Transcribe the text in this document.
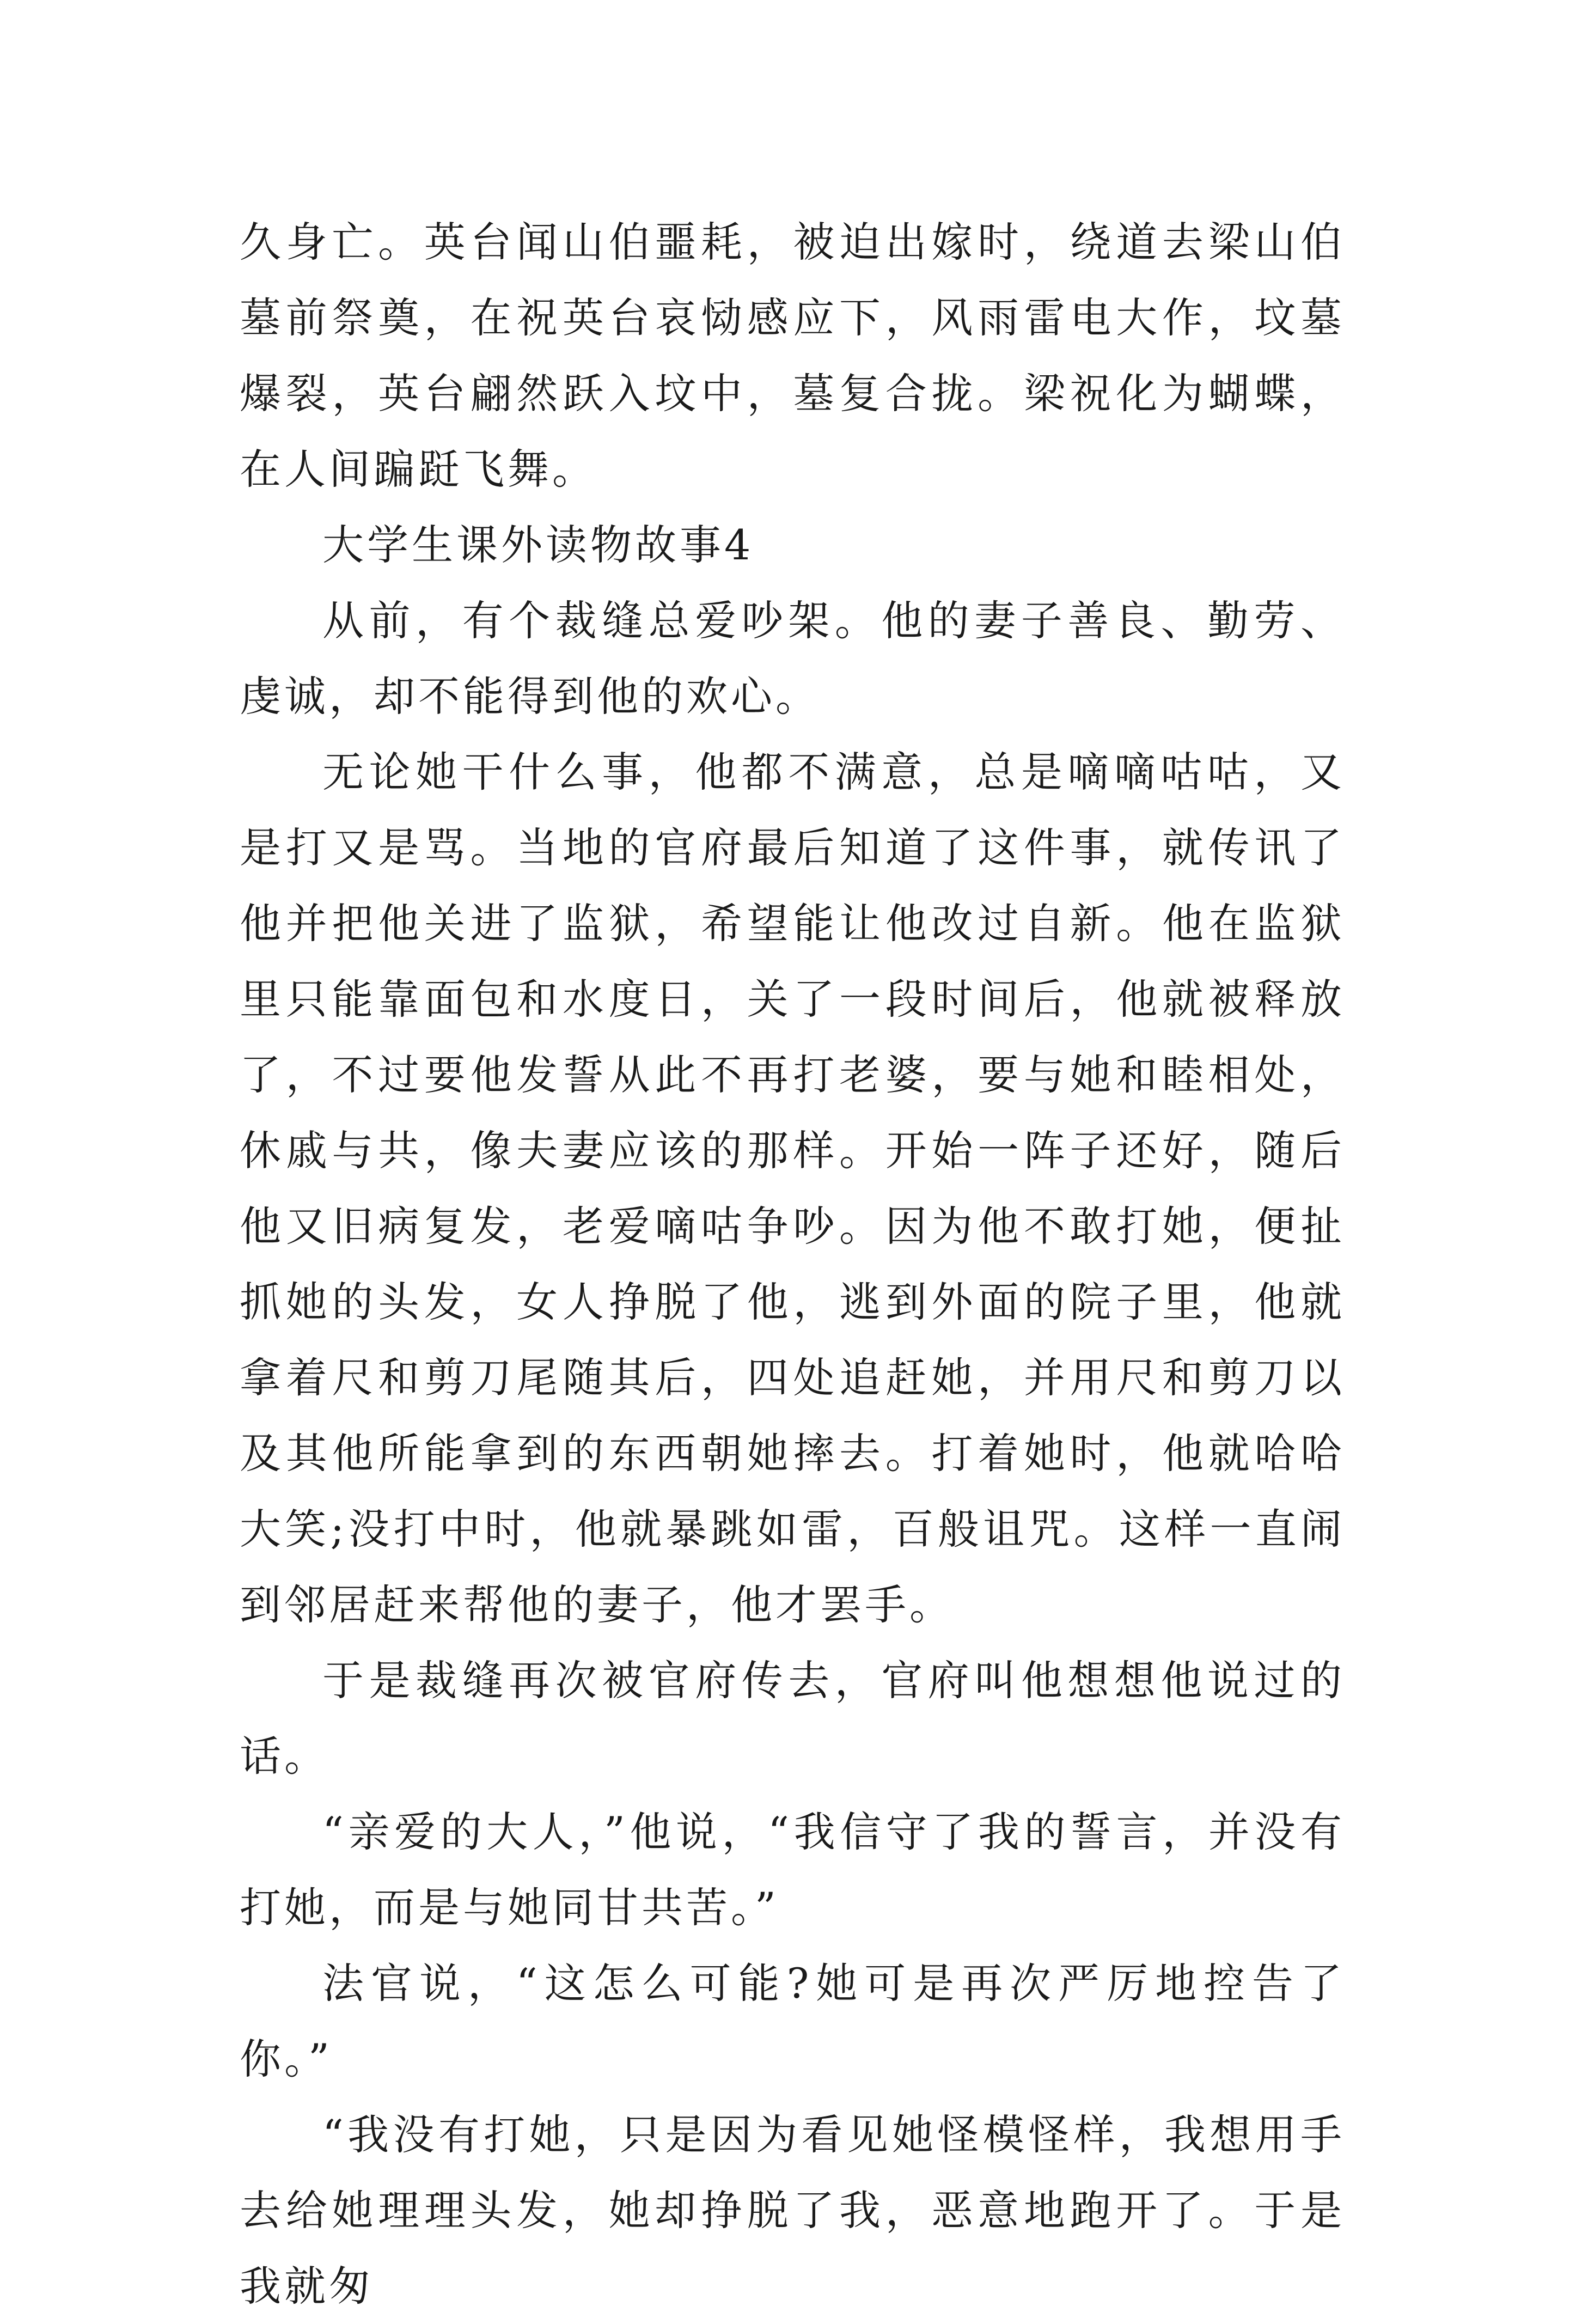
久身亡。英台闻山伯噩耗，被迫出嫁时，绕道去梁山伯墓前祭奠，在祝英台哀恸感应下，风雨雷电大作，坟墓爆裂，英台翩然跃入坟中，墓复合拢。梁祝化为蝴蝶，在人间蹁跹飞舞。

大学生课外读物故事4

从前，有个裁缝总爱吵架。他的妻子善良、勤劳、虔诚，却不能得到他的欢心。

无论她干什么事，他都不满意，总是嘀嘀咕咕，又是打又是骂。当地的官府最后知道了这件事，就传讯了他并把他关进了监狱，希望能让他改过自新。他在监狱里只能靠面包和水度日，关了一段时间后，他就被释放了，不过要他发誓从此不再打老婆，要与她和睦相处，休戚与共，像夫妻应该的那样。开始一阵子还好，随后他又旧病复发，老爱嘀咕争吵。因为他不敢打她，便扯抓她的头发，女人挣脱了他，逃到外面的院子里，他就拿着尺和剪刀尾随其后，四处追赶她，并用尺和剪刀以及其他所能拿到的东西朝她摔去。打着她时，他就哈哈大笑;没打中时，他就暴跳如雷，百般诅咒。这样一直闹到邻居赶来帮他的妻子，他才罢手。

于是裁缝再次被官府传去，官府叫他想想他说过的话。

“亲爱的大人，”他说，“我信守了我的誓言，并没有打她，而是与她同甘共苦。”

法官说，“这怎么可能?她可是再次严厉地控告了你。”

“我没有打她，只是因为看见她怪模怪样，我想用手去给她理理头发，她却挣脱了我，恶意地跑开了。于是我就匆
